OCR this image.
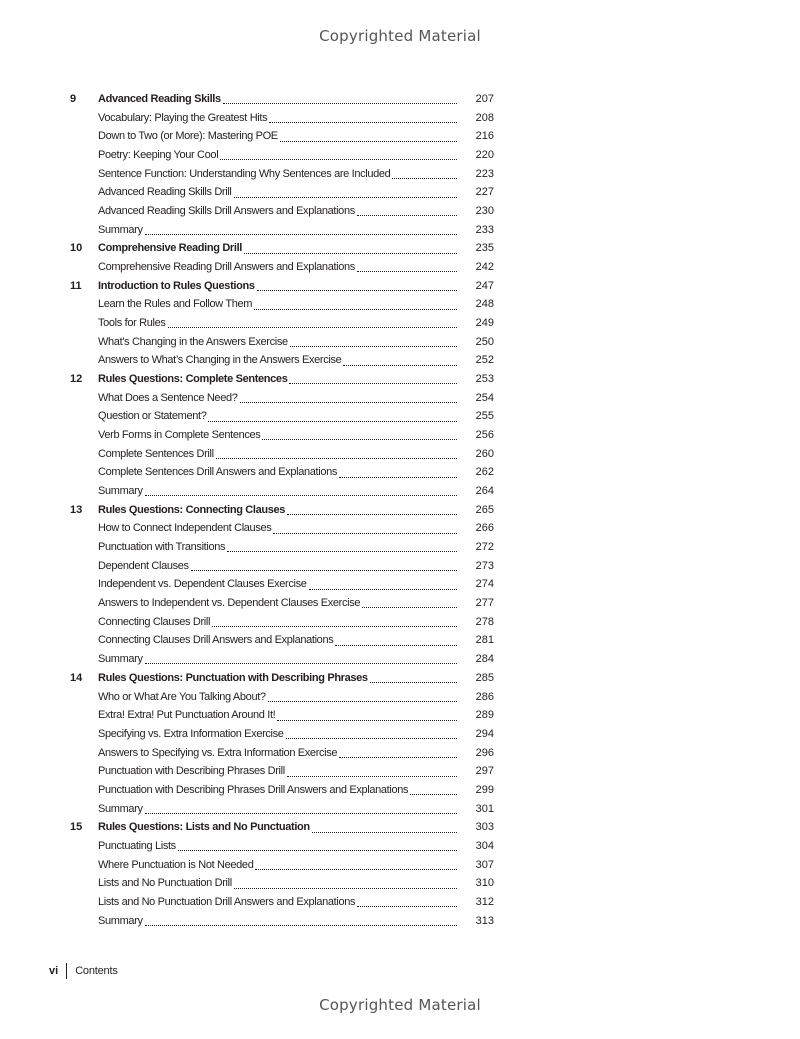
Copyrighted Material
9	Advanced Reading Skills	207
Vocabulary: Playing the Greatest Hits	208
Down to Two (or More): Mastering POE	216
Poetry: Keeping Your Cool	220
Sentence Function: Understanding Why Sentences are Included	223
Advanced Reading Skills Drill	227
Advanced Reading Skills Drill Answers and Explanations	230
Summary	233
10	Comprehensive Reading Drill	235
Comprehensive Reading Drill Answers and Explanations	242
11	Introduction to Rules Questions	247
Learn the Rules and Follow Them	248
Tools for Rules	249
What’s Changing in the Answers Exercise	250
Answers to What’s Changing in the Answers Exercise	252
12	Rules Questions: Complete Sentences	253
What Does a Sentence Need?	254
Question or Statement?	255
Verb Forms in Complete Sentences	256
Complete Sentences Drill	260
Complete Sentences Drill Answers and Explanations	262
Summary	264
13	Rules Questions: Connecting Clauses	265
How to Connect Independent Clauses	266
Punctuation with Transitions	272
Dependent Clauses	273
Independent vs. Dependent Clauses Exercise	274
Answers to Independent vs. Dependent Clauses Exercise	277
Connecting Clauses Drill	278
Connecting Clauses Drill Answers and Explanations	281
Summary	284
14	Rules Questions: Punctuation with Describing Phrases	285
Who or What Are You Talking About?	286
Extra! Extra! Put Punctuation Around It!	289
Specifying vs. Extra Information Exercise	294
Answers to Specifying vs. Extra Information Exercise	296
Punctuation with Describing Phrases Drill	297
Punctuation with Describing Phrases Drill Answers and Explanations	299
Summary	301
15	Rules Questions: Lists and No Punctuation	303
Punctuating Lists	304
Where Punctuation is Not Needed	307
Lists and No Punctuation Drill	310
Lists and No Punctuation Drill Answers and Explanations	312
Summary	313
vi Contents
Copyrighted Material
